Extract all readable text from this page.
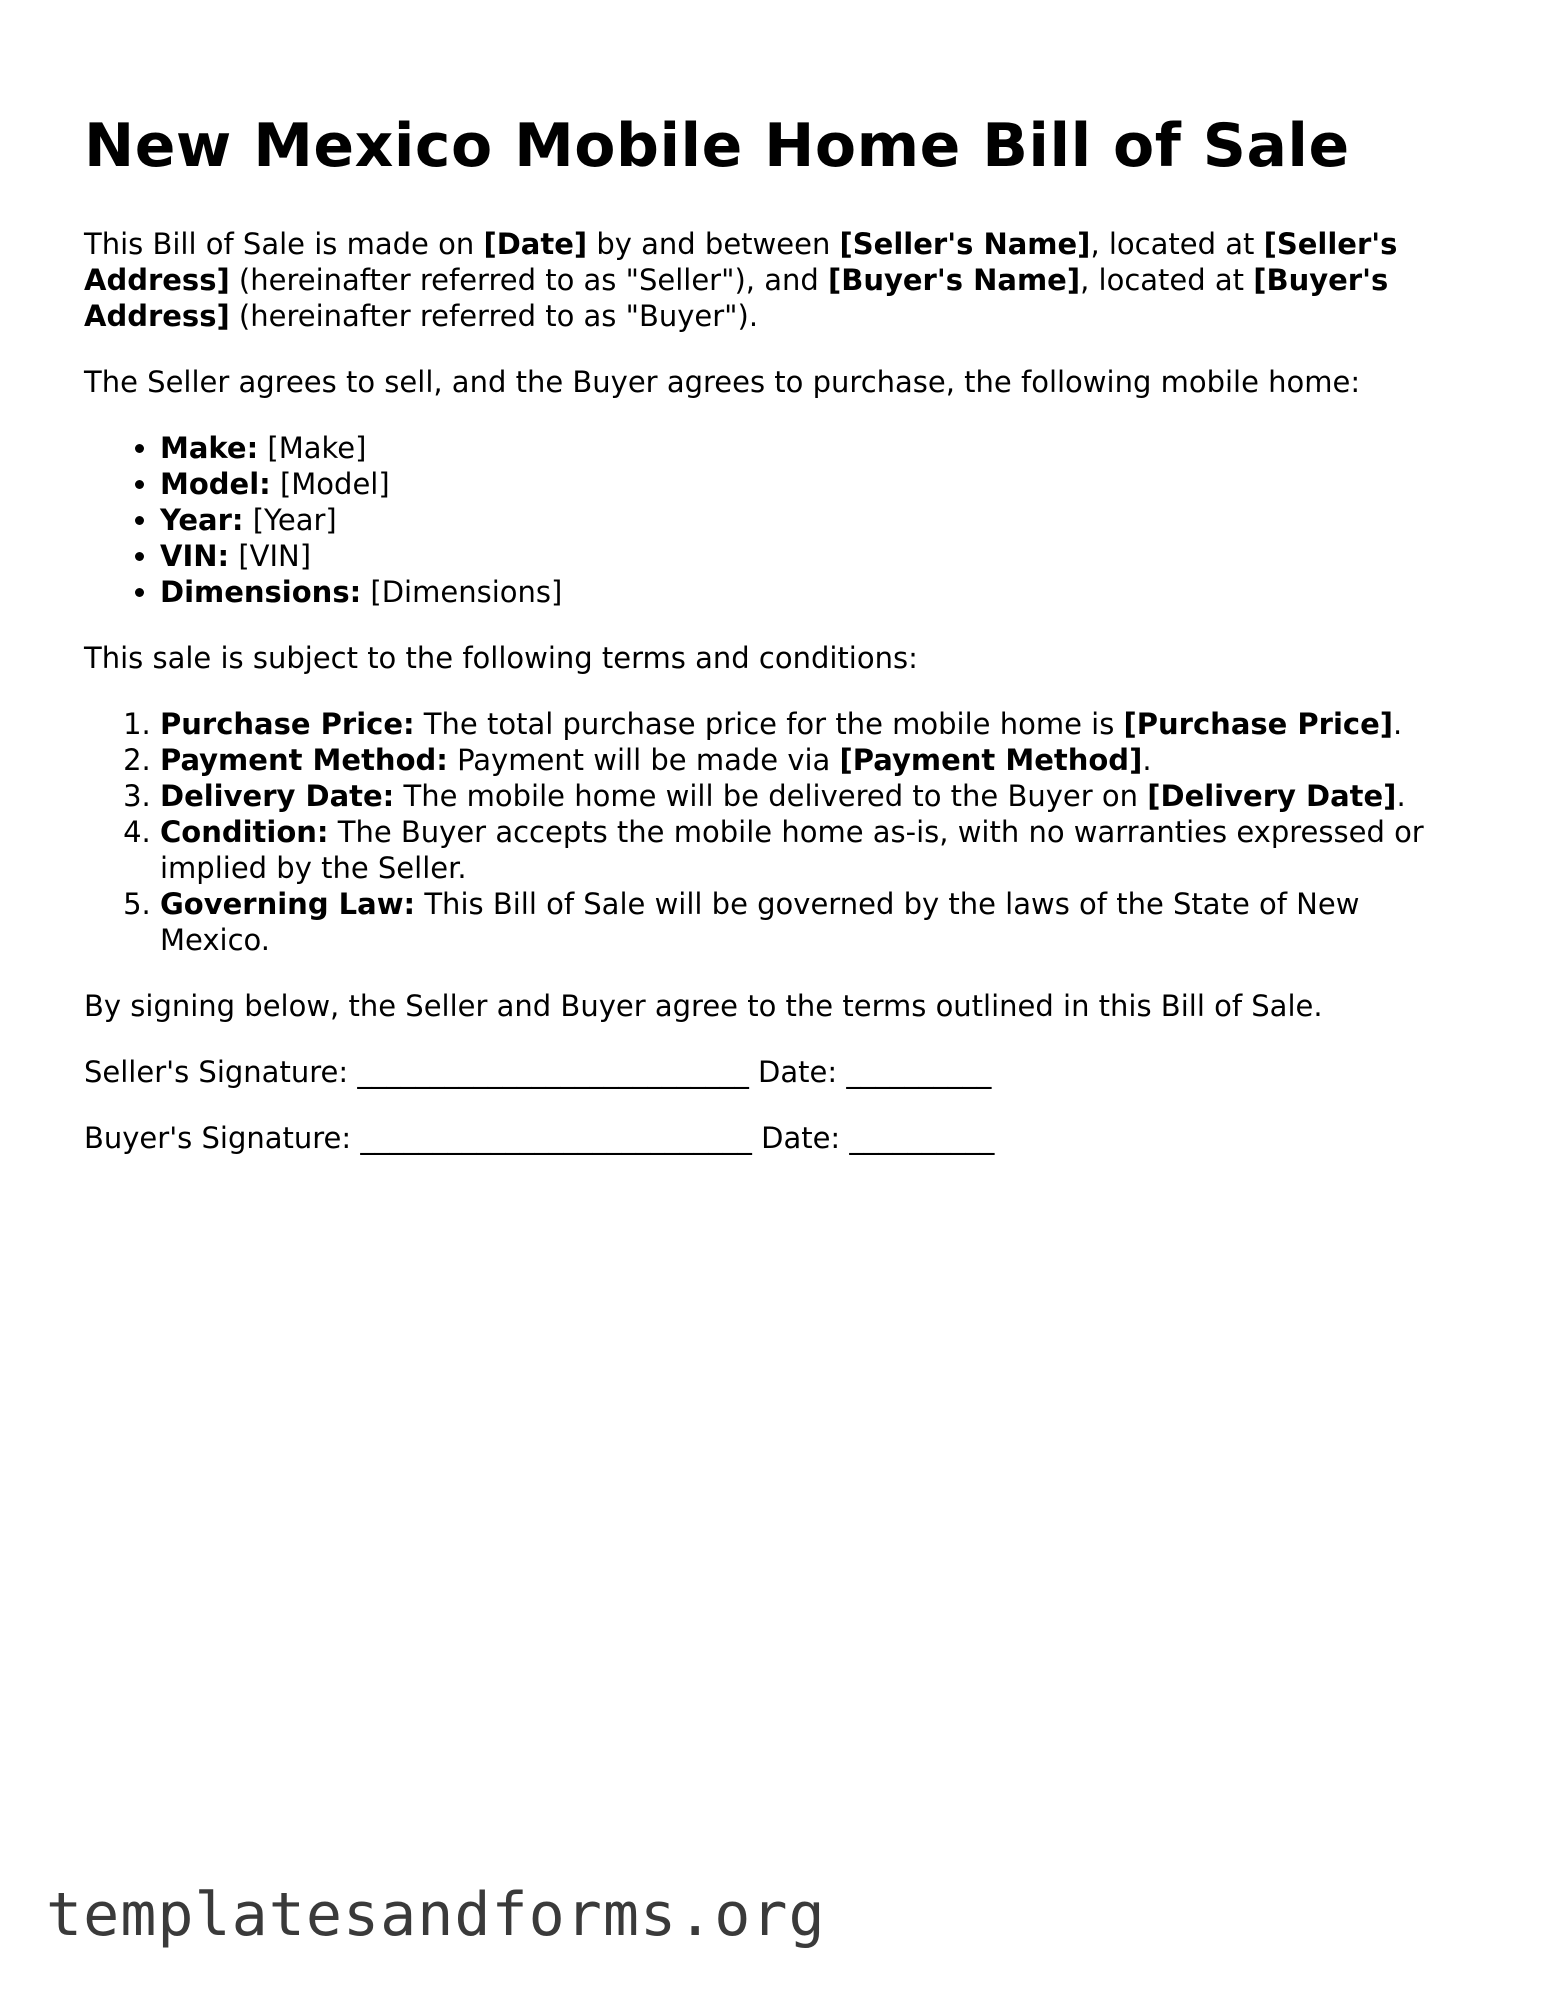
New Mexico Mobile Home Bill of Sale

This Bill of Sale is made on [Date] by and between [Seller's Name], located at [Seller's Address] (hereinafter referred to as "Seller"), and [Buyer's Name], located at [Buyer's Address] (hereinafter referred to as "Buyer").

The Seller agrees to sell, and the Buyer agrees to purchase, the following mobile home:

• Make: [Make]
• Model: [Model]
• Year: [Year]
• VIN: [VIN]
• Dimensions: [Dimensions]

This sale is subject to the following terms and conditions:

1. Purchase Price: The total purchase price for the mobile home is [Purchase Price].
2. Payment Method: Payment will be made via [Payment Method].
3. Delivery Date: The mobile home will be delivered to the Buyer on [Delivery Date].
4. Condition: The Buyer accepts the mobile home as-is, with no warranties expressed or implied by the Seller.
5. Governing Law: This Bill of Sale will be governed by the laws of the State of New Mexico.

By signing below, the Seller and Buyer agree to the terms outlined in this Bill of Sale.

Seller's Signature: ___________________________ Date: __________
Buyer's Signature: ___________________________ Date: __________
templatesandforms.org
